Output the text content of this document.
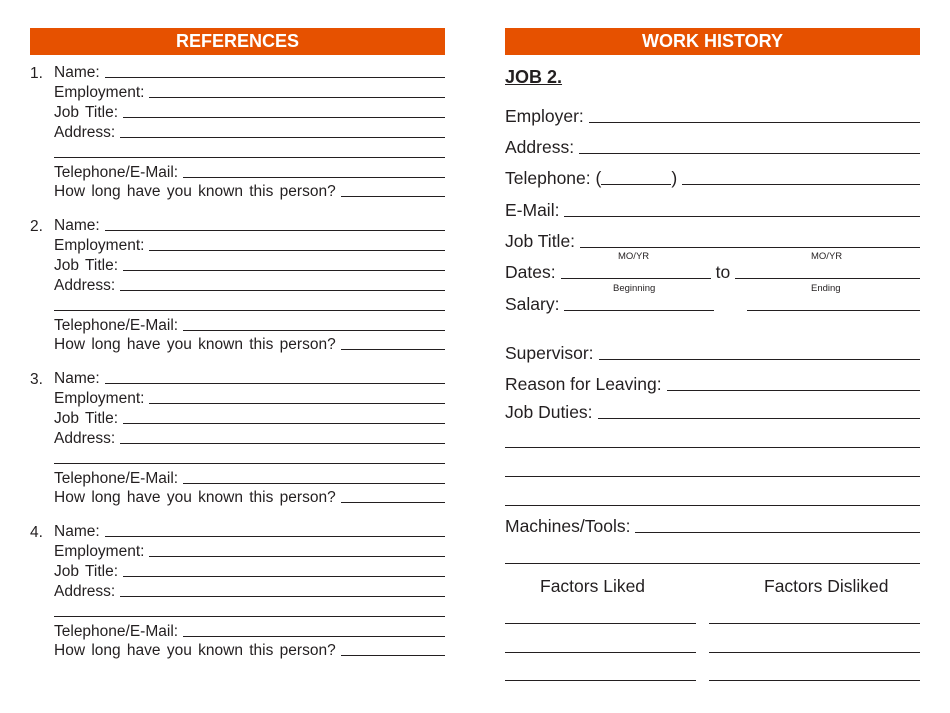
REFERENCES	WORK HISTORY
1. Name:
Employment:
Job Title:
Address:
Telephone/E-Mail:
How long have you known this person?
2. Name:
Employment:
Job Title:
Address:
Telephone/E-Mail:
How long have you known this person?
3. Name:
Employment:
Job Title:
Address:
Telephone/E-Mail:
How long have you known this person?
4. Name:
Employment:
Job Title:
Address:
Telephone/E-Mail:
How long have you known this person?
JOB 2.
Employer:
Address:
Telephone: (	)
E-Mail:
Job Title:
MO/YR	MO/YR
Dates:	to
Beginning	Ending
Salary:
Supervisor:
Reason for Leaving:
Job Duties:
Machines/Tools:
Factors Liked	Factors Disliked
